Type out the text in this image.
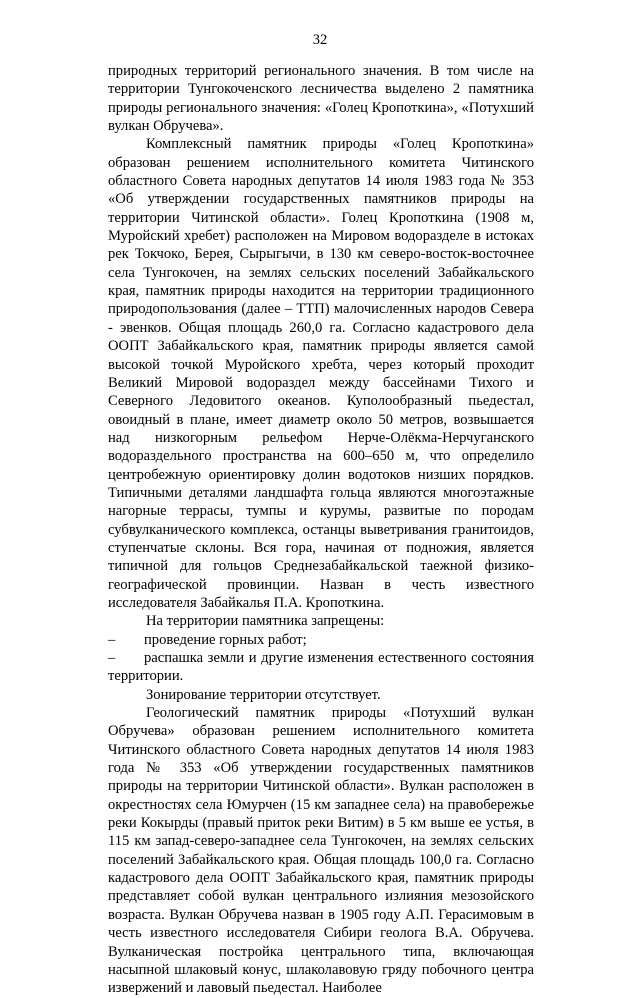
32

природных территорий регионального значения. В том числе на территории Тунгокоченского лесничества выделено 2 памятника природы регионального значения: «Голец Кропоткина», «Потухший вулкан Обручева».

Комплексный памятник природы «Голец Кропоткина» образован решением исполнительного комитета Читинского областного Совета народных депутатов 14 июля 1983 года № 353 «Об утверждении государственных памятников природы на территории Читинской области». Голец Кропоткина (1908 м, Муройский хребет) расположен на Мировом водоразделе в истоках рек Токчоко, Берея, Сырыгычи, в 130 км северо-восток-восточнее села Тунгокочен, на землях сельских поселений Забайкальского края, памятник природы находится на территории традиционного природопользования (далее – ТТП) малочисленных народов Севера - эвенков. Общая площадь 260,0 га. Согласно кадастрового дела ООПТ Забайкальского края, памятник природы является самой высокой точкой Муройского хребта, через который проходит Великий Мировой водораздел между бассейнами Тихого и Северного Ледовитого океанов. Куполообразный пьедестал, овоидный в плане, имеет диаметр около 50 метров, возвышается над низкогорным рельефом Нерче-Олёкма-Нерчуганского водораздельного пространства на 600–650 м, что определило центробежную ориентировку долин водотоков низших порядков. Типичными деталями ландшафта гольца являются многоэтажные нагорные террасы, тумпы и курумы, развитые по породам субвулканического комплекса, останцы выветривания гранитоидов, ступенчатые склоны. Вся гора, начиная от подножия, является типичной для гольцов Среднезабайкальской таежной физико-географической провинции. Назван в честь известного исследователя Забайкалья П.А. Кропоткина.

На территории памятника запрещены:

– проведение горных работ;

– распашка земли и другие изменения естественного состояния территории.

Зонирование территории отсутствует.

Геологический памятник природы «Потухший вулкан Обручева» образован решением исполнительного комитета Читинского областного Совета народных депутатов 14 июля 1983 года № 353 «Об утверждении государственных памятников природы на территории Читинской области». Вулкан расположен в окрестностях села Юмурчен (15 км западнее села) на правобережье реки Кокырды (правый приток реки Витим) в 5 км выше ее устья, в 115 км запад-северо-западнее села Тунгокочен, на землях сельских поселений Забайкальского края. Общая площадь 100,0 га. Согласно кадастрового дела ООПТ Забайкальского края, памятник природы представляет собой вулкан центрального излияния мезозойского возраста. Вулкан Обручева назван в 1905 году А.П. Герасимовым в честь известного исследователя Сибири геолога В.А. Обручева. Вулканическая постройка центрального типа, включающая насыпной шлаковый конус, шлаколавовую гряду побочного центра извержений и лавовый пьедестал. Наиболее
